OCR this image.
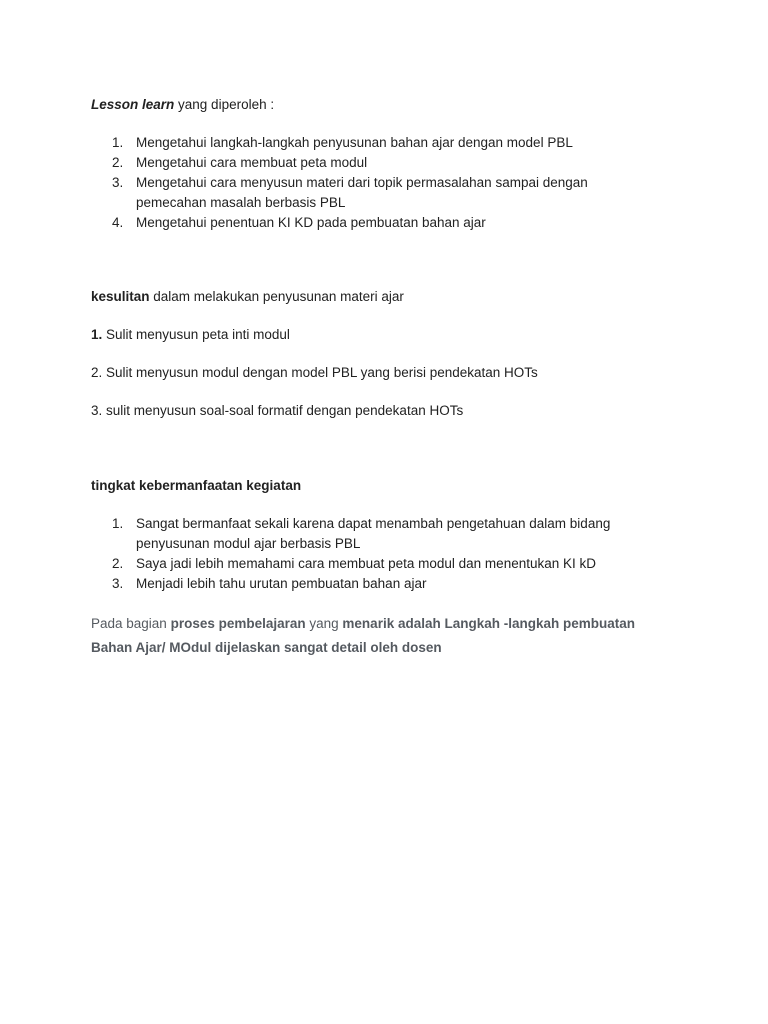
Lesson learn yang diperoleh :
1. Mengetahui langkah-langkah penyusunan bahan ajar dengan model PBL
2. Mengetahui cara membuat peta modul
3. Mengetahui cara menyusun materi dari topik permasalahan sampai dengan
pemecahan masalah berbasis PBL
4. Mengetahui penentuan KI KD pada pembuatan bahan ajar
kesulitan dalam melakukan penyusunan materi ajar
1. Sulit menyusun peta inti modul
2. Sulit menyusun modul dengan model PBL yang berisi pendekatan HOTs
3. sulit menyusun soal-soal formatif dengan pendekatan HOTs
tingkat kebermanfaatan kegiatan
1. Sangat bermanfaat sekali karena dapat menambah pengetahuan dalam bidang
penyusunan modul ajar berbasis PBL
2. Saya jadi lebih memahami cara membuat peta modul dan menentukan KI kD
3. Menjadi lebih tahu urutan pembuatan bahan ajar
Pada bagian proses pembelajaran yang menarik adalah Langkah -langkah pembuatan
Bahan Ajar/ MOdul dijelaskan sangat detail oleh dosen
